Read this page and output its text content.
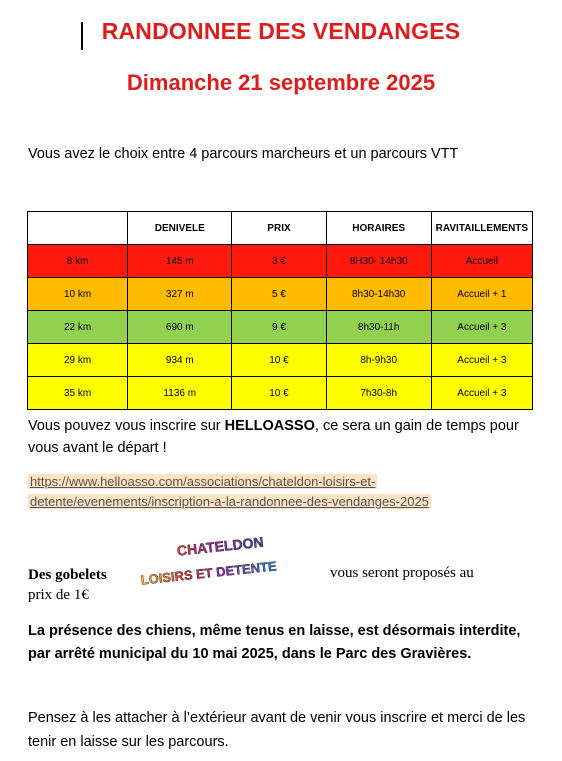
RANDONNEE DES VENDANGES
Dimanche 21 septembre 2025
Vous avez le choix entre 4 parcours marcheurs et un parcours VTT
	DENIVELE	PRIX	HORAIRES	RAVITAILLEMENTS
8 km	145 m	3 €	8H30- 14h30	Accueil
10 km	327 m	5 €	8h30-14h30	Accueil + 1
22 km	690 m	9 €	8h30-11h	Accueil + 3
29 km	934 m	10 €	8h-9h30	Accueil + 3
35 km	1136 m	10 €	7h30-8h	Accueil + 3
Vous pouvez vous inscrire sur HELLOASSO, ce sera un gain de temps pour vous avant le départ !
https://www.helloasso.com/associations/chateldon-loisirs-et-
detente/evenements/inscription-a-la-randonnee-des-vendanges-2025
CHATELDON
LOISIRS ET DETENTE
Des gobelets
prix de 1€
vous seront proposés au
La présence des chiens, même tenus en laisse, est désormais interdite, par arrêté municipal du 10 mai 2025, dans le Parc des Gravières.
Pensez à les attacher à l’extérieur avant de venir vous inscrire et merci de les tenir en laisse sur les parcours.
